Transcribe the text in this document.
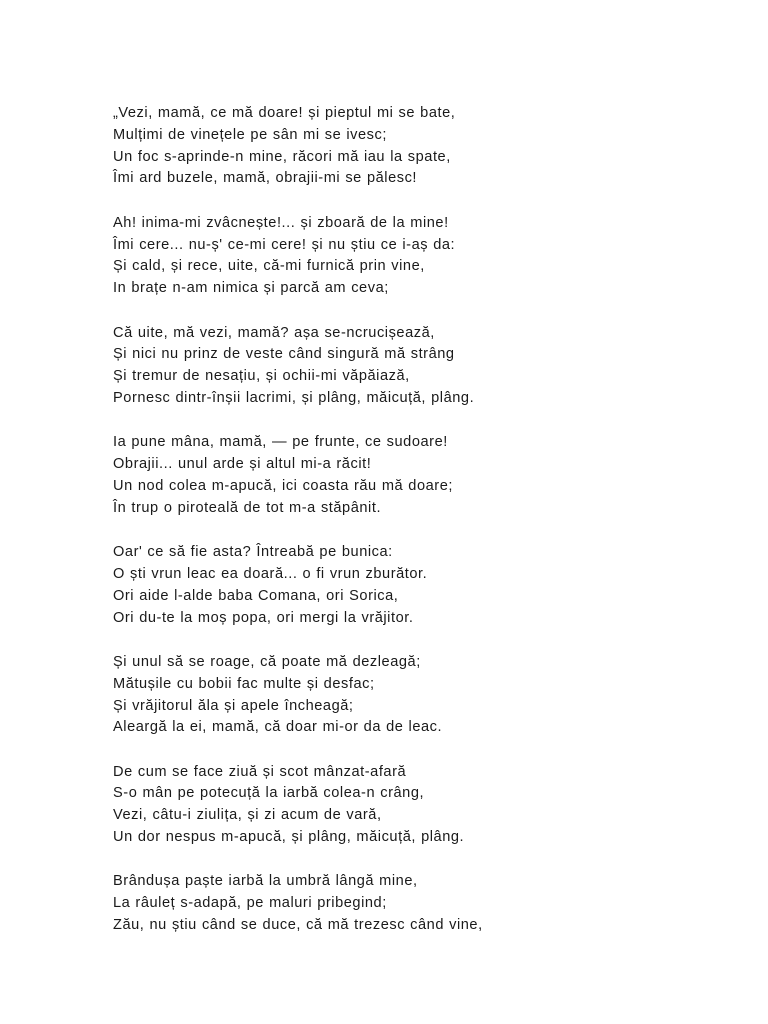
„Vezi, mamă, ce mă doare! și pieptul mi se bate,
Mulțimi de vinețele pe sân mi se ivesc;
Un foc s-aprinde-n mine, răcori mă iau la spate,
Îmi ard buzele, mamă, obrajii-mi se pălesc!
Ah! inima-mi zvâcnește!... și zboară de la mine!
Îmi cere... nu-ș' ce-mi cere! și nu știu ce i-aș da:
Și cald, și rece, uite, că-mi furnică prin vine,
In brațe n-am nimica și parcă am ceva;
Că uite, mă vezi, mamă? așa se-ncrucișează,
Și nici nu prinz de veste când singură mă strâng
Și tremur de nesațiu, și ochii-mi văpăiază,
Pornesc dintr-înșii lacrimi, și plâng, măicuță, plâng.
Ia pune mâna, mamă, — pe frunte, ce sudoare!
Obrajii... unul arde și altul mi-a răcit!
Un nod colea m-apucă, ici coasta rău mă doare;
În trup o piroteală de tot m-a stăpânit.
Oar' ce să fie asta? Întreabă pe bunica:
O ști vrun leac ea doară... o fi vrun zburător.
Ori aide l-alde baba Comana, ori Sorica,
Ori du-te la moș popa, ori mergi la vrăjitor.
Și unul să se roage, că poate mă dezleagă;
Mătușile cu bobii fac multe și desfac;
Și vrăjitorul ăla și apele încheagă;
Aleargă la ei, mamă, că doar mi-or da de leac.
De cum se face ziuă și scot mânzat-afară
S-o mân pe potecuță la iarbă colea-n crâng,
Vezi, câtu-i ziulița, și zi acum de vară,
Un dor nespus m-apucă, și plâng, măicuță, plâng.
Brândușa paște iarbă la umbră lângă mine,
La râuleț s-adapă, pe maluri pribegind;
Zău, nu știu când se duce, că mă trezesc când vine,
